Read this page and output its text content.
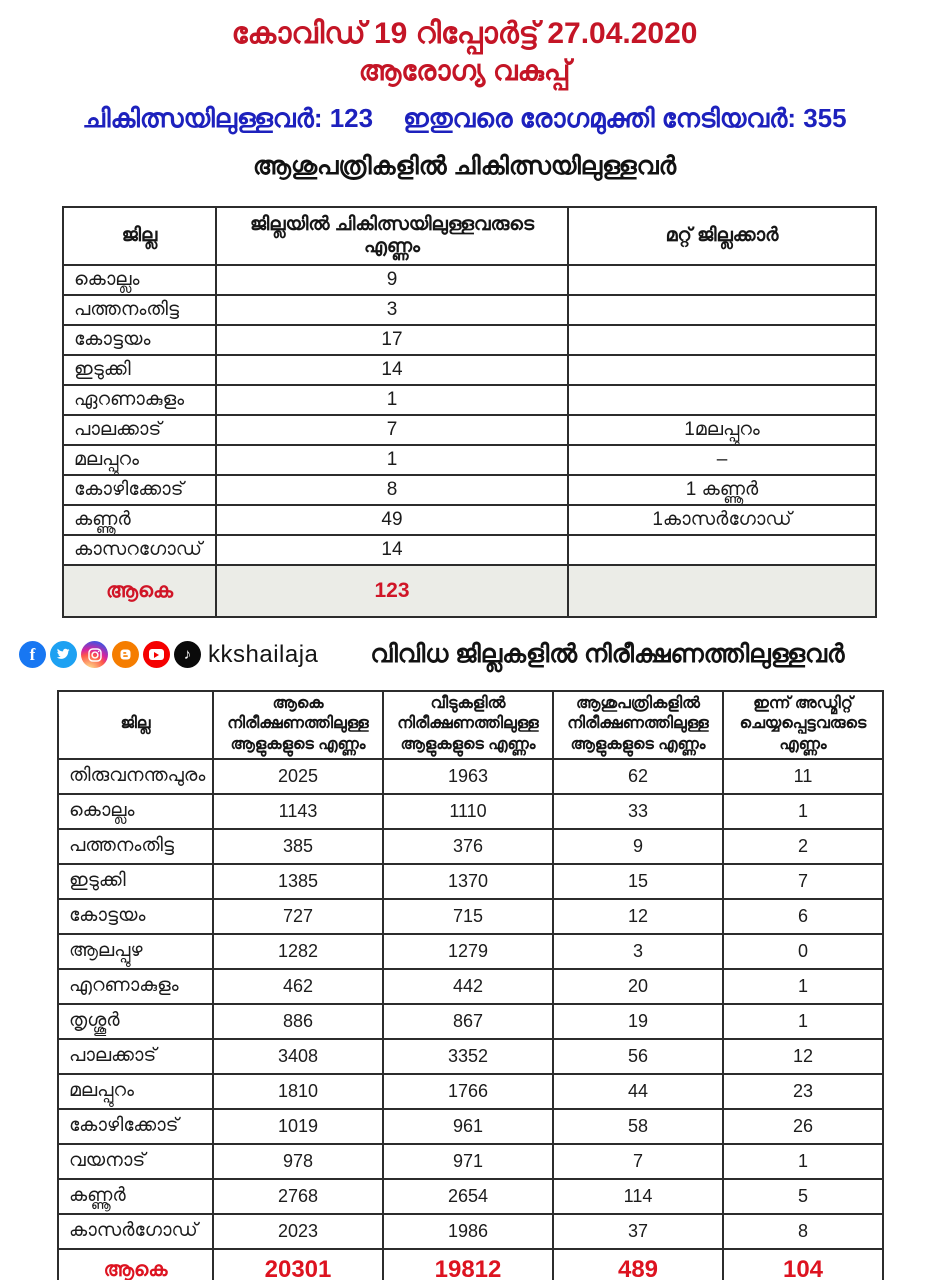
കോവിഡ് 19 റിപ്പോർട്ട് 27.04.2020
ആരോഗ്യ വകുപ്പ്
ചികിത്സയിലുള്ളവർ: 123 ഇതുവരെ രോഗമുക്തി നേടിയവർ: 355
ആശുപത്രികളിൽ ചികിത്സയിലുള്ളവർ
ജില്ല	ജില്ലയിൽ ചികിത്സയിലുള്ളവരുടെ എണ്ണം	മറ്റ് ജില്ലക്കാർ
കൊല്ലം	9	
പത്തനംതിട്ട	3	
കോട്ടയം	17	
ഇടുക്കി	14	
ഏറണാകുളം	1	
പാലക്കാട്	7	1മലപ്പുറം
മലപ്പുറം	1	–
കോഴിക്കോട്	8	1 കണ്ണൂർ
കണ്ണൂർ	49	1കാസർഗോഡ്
കാസറഗോഡ്	14	
ആകെ	123	
f	♪ kkshailaja വിവിധ ജില്ലകളിൽ നിരീക്ഷണത്തിലുള്ളവർ
ജില്ല	ആകെ നിരീക്ഷണത്തിലുള്ള ആളുകളുടെ എണ്ണം	വീടുകളിൽ നിരീക്ഷണത്തിലുള്ള ആളുകളുടെ എണ്ണം	ആശുപത്രികളിൽ നിരീക്ഷണത്തിലുള്ള ആളുകളുടെ എണ്ണം	ഇന്ന് അഡ്മിറ്റ് ചെയ്യപ്പെട്ടവരുടെ എണ്ണം
തിരുവനന്തപുരം	2025	1963	62	11
കൊല്ലം	1143	1110	33	1
പത്തനംതിട്ട	385	376	9	2
ഇടുക്കി	1385	1370	15	7
കോട്ടയം	727	715	12	6
ആലപ്പുഴ	1282	1279	3	0
എറണാകുളം	462	442	20	1
തൃശ്ശൂർ	886	867	19	1
പാലക്കാട്	3408	3352	56	12
മലപ്പുറം	1810	1766	44	23
കോഴിക്കോട്	1019	961	58	26
വയനാട്	978	971	7	1
കണ്ണൂർ	2768	2654	114	5
കാസർഗോഡ്	2023	1986	37	8
ആകെ	20301	19812	489	104
